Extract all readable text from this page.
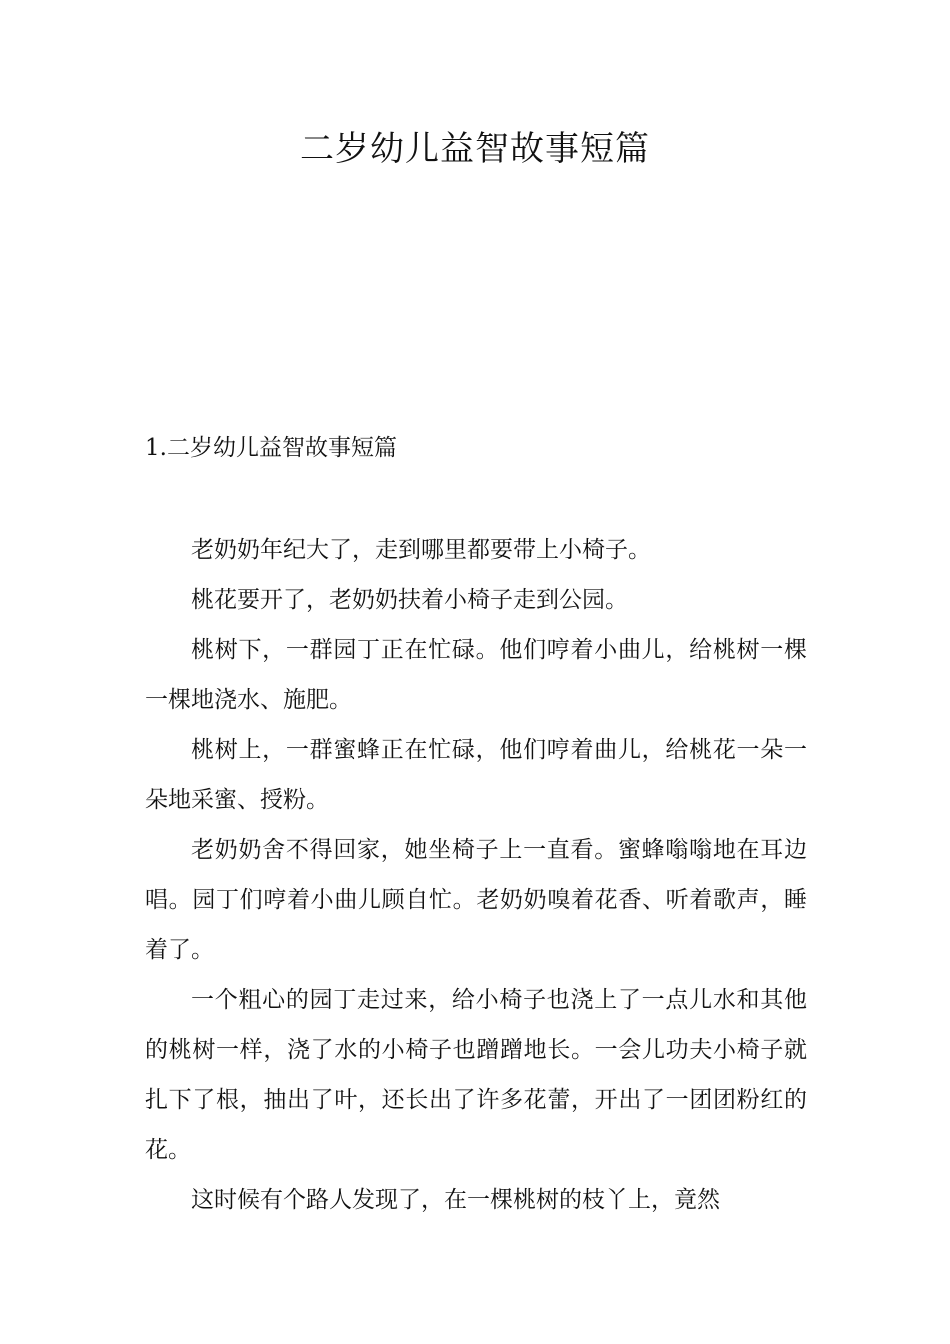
二岁幼儿益智故事短篇
1.二岁幼儿益智故事短篇

老奶奶年纪大了，走到哪里都要带上小椅子。

桃花要开了，老奶奶扶着小椅子走到公园。

桃树下，一群园丁正在忙碌。他们哼着小曲儿，给桃树一棵一棵地浇水、施肥。

桃树上，一群蜜蜂正在忙碌，他们哼着曲儿，给桃花一朵一朵地采蜜、授粉。

老奶奶舍不得回家，她坐椅子上一直看。蜜蜂嗡嗡地在耳边唱。园丁们哼着小曲儿顾自忙。老奶奶嗅着花香、听着歌声，睡着了。

一个粗心的园丁走过来，给小椅子也浇上了一点儿水和其他的桃树一样，浇了水的小椅子也蹭蹭地长。一会儿功夫小椅子就扎下了根，抽出了叶，还长出了许多花蕾，开出了一团团粉红的花。

这时候有个路人发现了，在一棵桃树的枝丫上，竟然
